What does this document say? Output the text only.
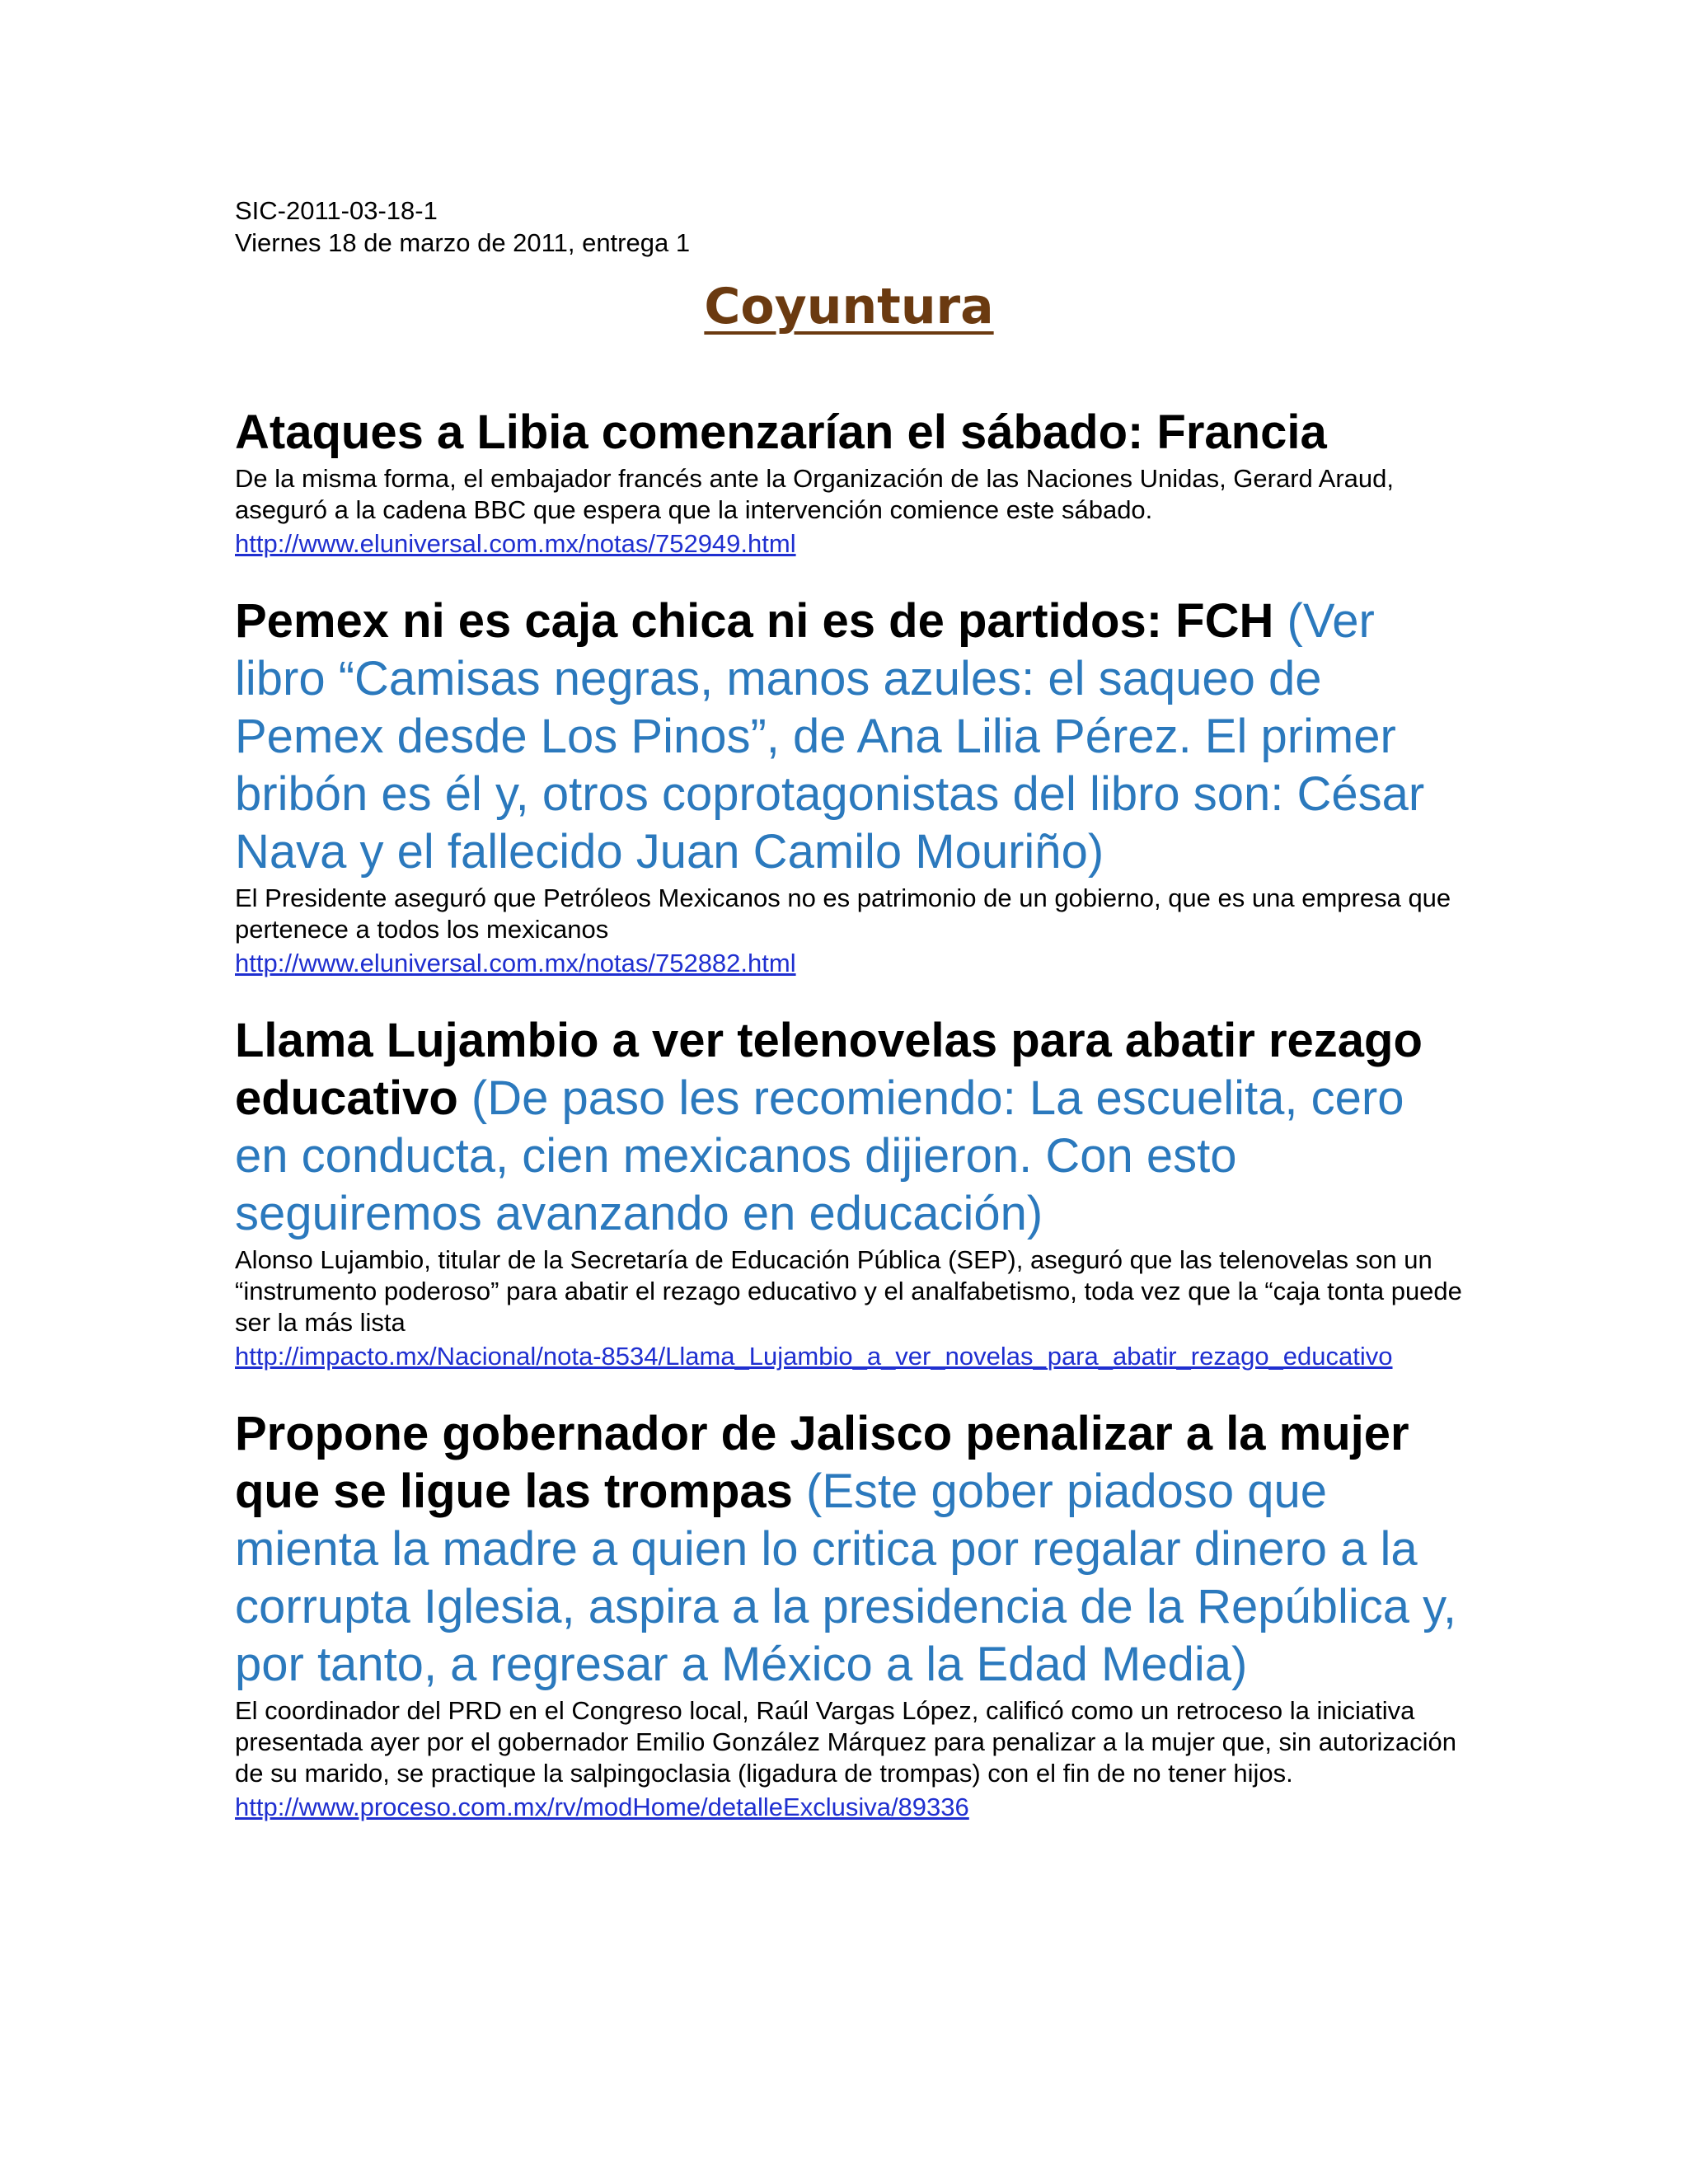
SIC-2011-03-18-1
Viernes 18 de marzo de 2011, entrega 1
Coyuntura

Ataques a Libia comenzarían el sábado: Francia

De la misma forma, el embajador francés ante la Organización de las Naciones Unidas, Gerard Araud, aseguró a la cadena BBC que espera que la intervención comience este sábado.

http://www.eluniversal.com.mx/notas/752949.html

Pemex ni es caja chica ni es de partidos: FCH (Ver libro “Camisas negras, manos azules: el saqueo de Pemex desde Los Pinos”, de Ana Lilia Pérez. El primer bribón es él y, otros coprotagonistas del libro son: César Nava y el fallecido Juan Camilo Mouriño)

El Presidente aseguró que Petróleos Mexicanos no es patrimonio de un gobierno, que es una empresa que pertenece a todos los mexicanos

http://www.eluniversal.com.mx/notas/752882.html

Llama Lujambio a ver telenovelas para abatir rezago educativo (De paso les recomiendo: La escuelita, cero en conducta, cien mexicanos dijieron. Con esto seguiremos avanzando en educación)

Alonso Lujambio, titular de la Secretaría de Educación Pública (SEP), aseguró que las telenovelas son un “instrumento poderoso” para abatir el rezago educativo y el analfabetismo, toda vez que la “caja tonta puede ser la más lista

http://impacto.mx/Nacional/nota-8534/Llama_Lujambio_a_ver_novelas_para_abatir_rezago_educativo

Propone gobernador de Jalisco penalizar a la mujer que se ligue las trompas (Este gober piadoso que mienta la madre a quien lo critica por regalar dinero a la corrupta Iglesia, aspira a la presidencia de la República y, por tanto, a regresar a México a la Edad Media)

El coordinador del PRD en el Congreso local, Raúl Vargas López, calificó como un retroceso la iniciativa presentada ayer por el gobernador Emilio González Márquez para penalizar a la mujer que, sin autorización de su marido, se practique la salpingoclasia (ligadura de trompas) con el fin de no tener hijos.

http://www.proceso.com.mx/rv/modHome/detalleExclusiva/89336
